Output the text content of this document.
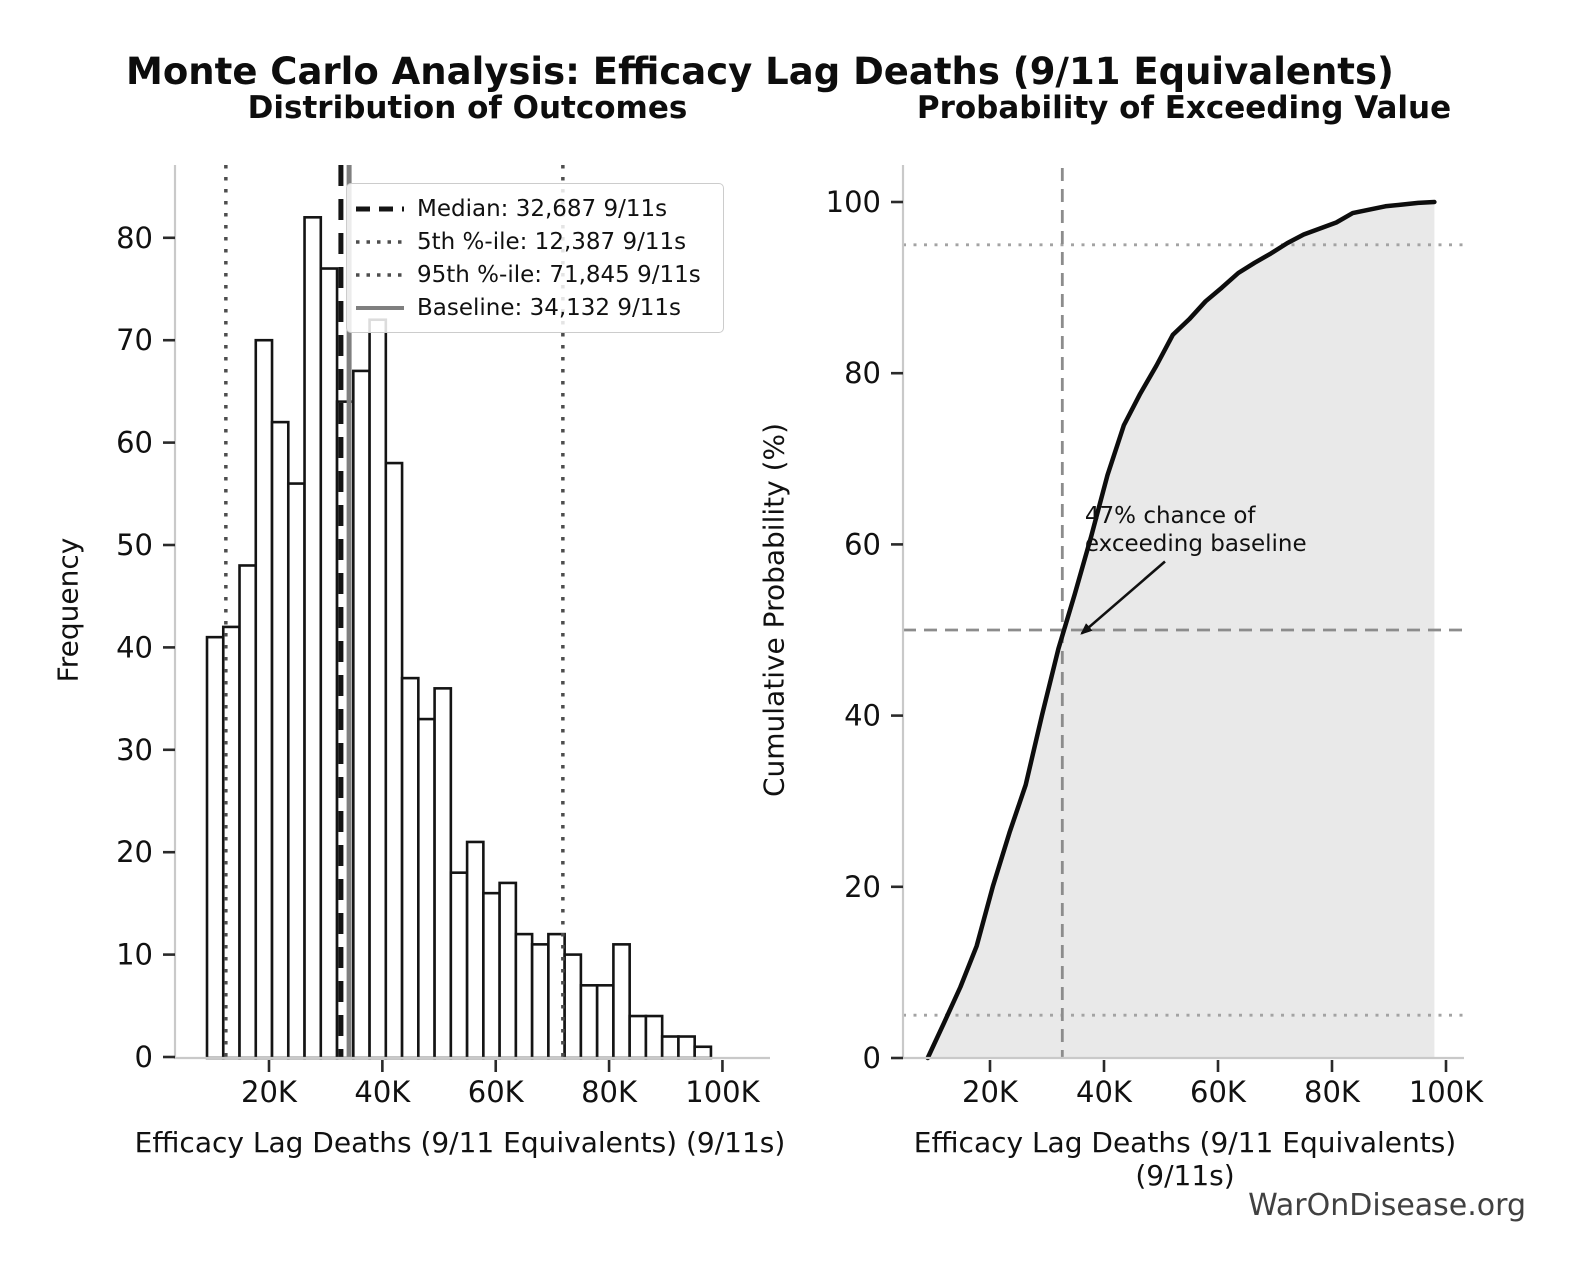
Monte Carlo Analysis: Efficacy Lag Deaths (9/11 Equivalents)
Distribution of Outcomes	Probability of Exceeding Value
20K 40K 60K 80K 100K
0
10
20
30
40
50
60
70
80
20K 40K 60K 80K 100K
0
20
40
60
80
100
Frequency	Cumulative Probability (%)
Efficacy Lag Deaths (9/11 Equivalents) (9/11s)	Efficacy Lag Deaths (9/11 Equivalents) (9/11s)
Median: 32,687 9/11s
5th %-ile: 12,387 9/11s
95th %-ile: 71,845 9/11s
Baseline: 34,132 9/11s
47% chance of
exceeding baseline
WarOnDisease.org
